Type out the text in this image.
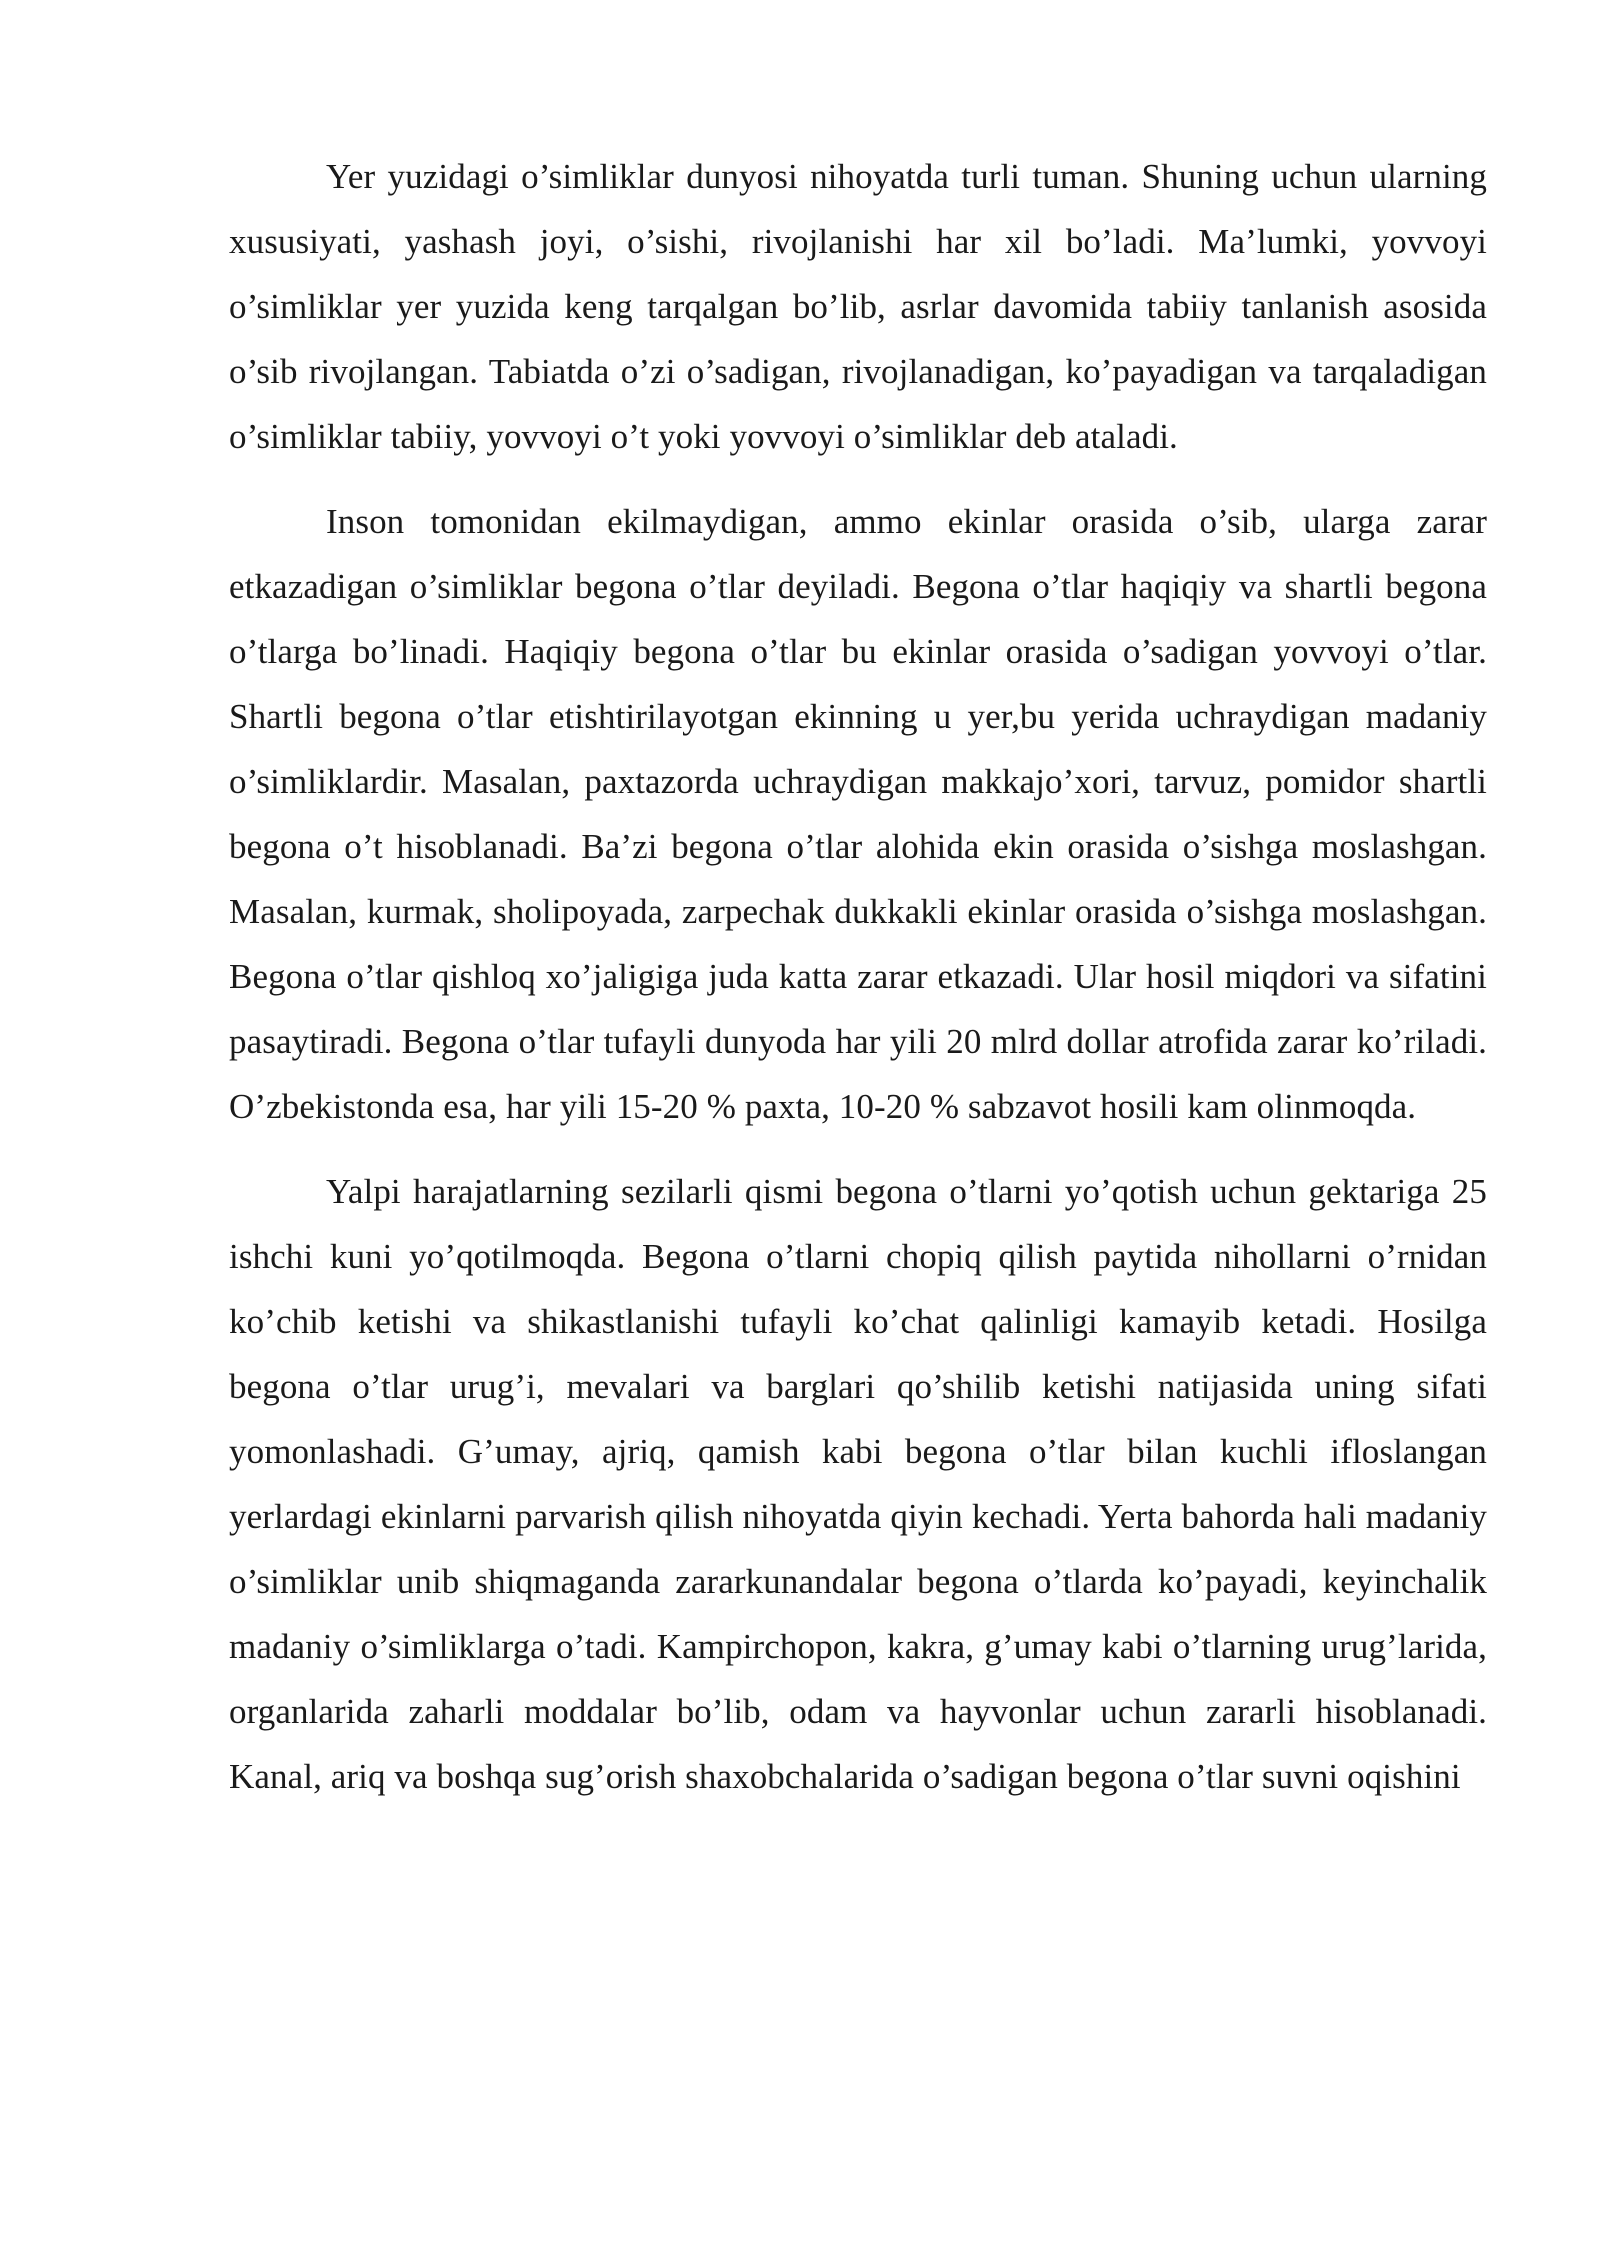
Yer yuzidagi o’simliklar dunyosi nihoyatda turli tuman. Shuning uchun ularning xususiyati, yashash joyi, o’sishi, rivojlanishi har xil bo’ladi. Ma’lumki, yovvoyi o’simliklar yer yuzida keng tarqalgan bo’lib, asrlar davomida tabiiy tanlanish asosida o’sib rivojlangan. Tabiatda o’zi o’sadigan, rivojlanadigan, ko’payadigan va tarqaladigan o’simliklar tabiiy, yovvoyi o’t yoki yovvoyi o’simliklar deb ataladi.

Inson tomonidan ekilmaydigan, ammo ekinlar orasida o’sib, ularga zarar etkazadigan o’simliklar begona o’tlar deyiladi. Begona o’tlar haqiqiy va shartli begona o’tlarga bo’linadi. Haqiqiy begona o’tlar bu ekinlar orasida o’sadigan yovvoyi o’tlar. Shartli begona o’tlar etishtirilayotgan ekinning u yer,bu yerida uchraydigan madaniy o’simliklardir. Masalan, paxtazorda uchraydigan makkajo’xori, tarvuz, pomidor shartli begona o’t hisoblanadi. Ba’zi begona o’tlar alohida ekin orasida o’sishga moslashgan. Masalan, kurmak, sholipoyada, zarpechak dukkakli ekinlar orasida o’sishga moslashgan. Begona o’tlar qishloq xo’jaligiga juda katta zarar etkazadi. Ular hosil miqdori va sifatini pasaytiradi. Begona o’tlar tufayli dunyoda har yili 20 mlrd dollar atrofida zarar ko’riladi. O’zbekistonda esa, har yili 15-20 % paxta, 10-20 % sabzavot hosili kam olinmoqda.

Yalpi harajatlarning sezilarli qismi begona o’tlarni yo’qotish uchun gektariga 25 ishchi kuni yo’qotilmoqda. Begona o’tlarni chopiq qilish paytida nihollarni o’rnidan ko’chib ketishi va shikastlanishi tufayli ko’chat qalinligi kamayib ketadi. Hosilga begona o’tlar urug’i, mevalari va barglari qo’shilib ketishi natijasida uning sifati yomonlashadi. G’umay, ajriq, qamish kabi begona o’tlar bilan kuchli ifloslangan yerlardagi ekinlarni parvarish qilish nihoyatda qiyin kechadi. Yerta bahorda hali madaniy o’simliklar unib shiqmaganda zararkunandalar begona o’tlarda ko’payadi, keyinchalik madaniy o’simliklarga o’tadi. Kampirchopon, kakra, g’umay kabi o’tlarning urug’larida, organlarida zaharli moddalar bo’lib, odam va hayvonlar uchun zararli hisoblanadi. Kanal, ariq va boshqa sug’orish shaxobchalarida o’sadigan begona o’tlar suvni oqishini
